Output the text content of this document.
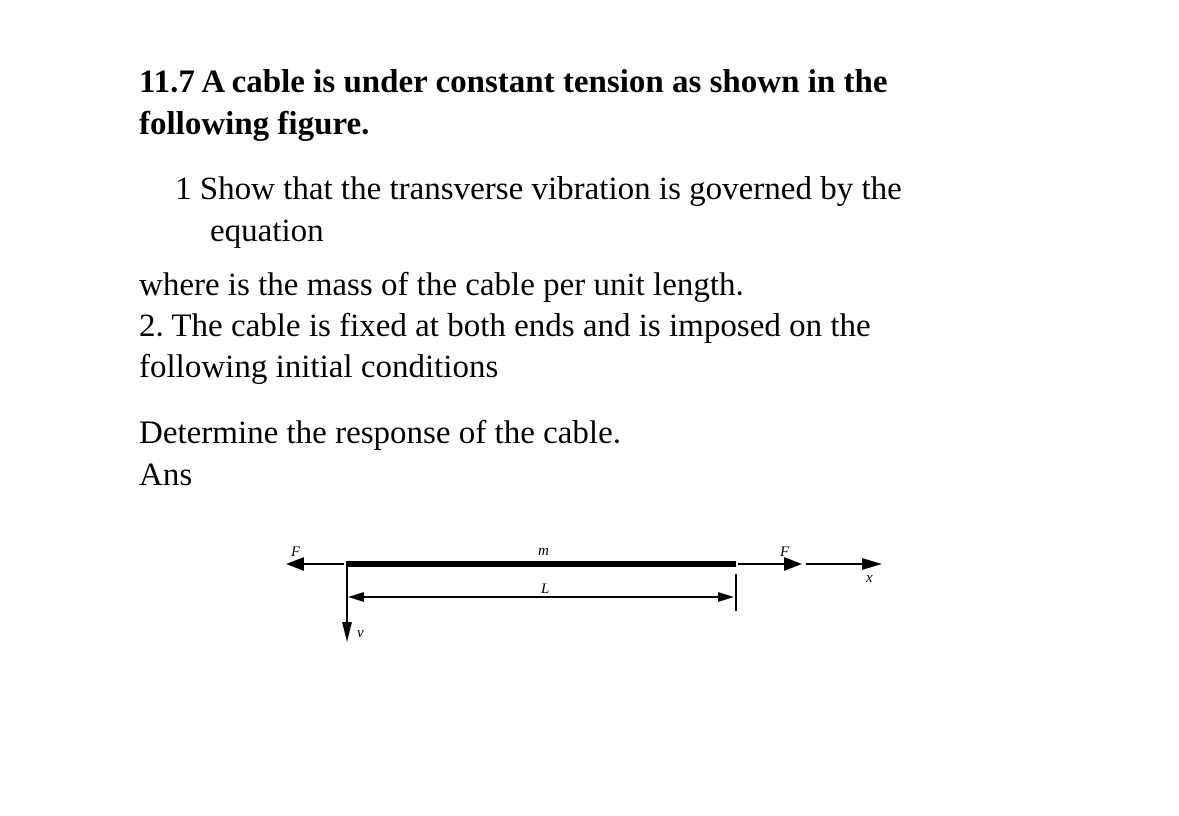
11.7 A cable is under constant tension as shown in the
following figure.
1 Show that the transverse vibration is governed by the
equation
where is the mass of the cable per unit length.
2. The cable is fixed at both ends and is imposed on the
following initial conditions
Determine the response of the cable.
Ans
F	m
v
L
F
x
